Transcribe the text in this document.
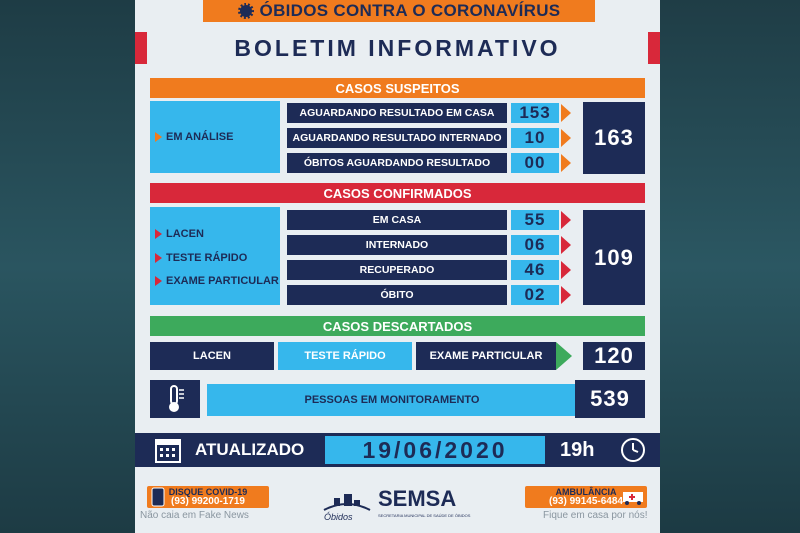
ÓBIDOS CONTRA O CORONAVÍRUS
BOLETIM INFORMATIVO
CASOS SUSPEITOS
EM ANÁLISE
AGUARDANDO RESULTADO EM CASA	153
AGUARDANDO RESULTADO INTERNADO	10
ÓBITOS AGUARDANDO RESULTADO	00
163
CASOS CONFIRMADOS
LACEN
TESTE RÁPIDO
EXAME PARTICULAR
EM CASA	55
INTERNADO	06
RECUPERADO	46
ÓBITO	02
109
CASOS DESCARTADOS
LACEN	TESTE RÁPIDO	EXAME PARTICULAR	120
PESSOAS EM MONITORAMENTO	539
ATUALIZADO	19/06/2020	19h
DISQUE COVID-19
(93) 99200-1719
Não caia em Fake News	Óbidos
SEMSA
SECRETARIA MUNICIPAL DE SAÚDE DE ÓBIDOS
AMBULÂNCIA
(93) 99145-6484
Fique em casa por nós!
